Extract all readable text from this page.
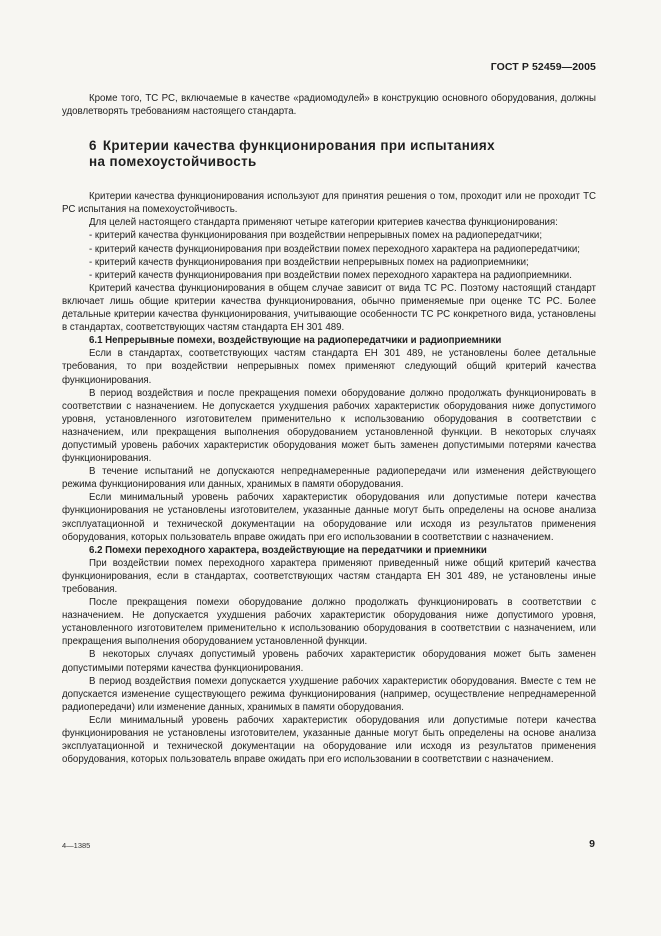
ГОСТ Р 52459—2005

Кроме того, ТС РС, включаемые в качестве «радиомодулей» в конструкцию основного оборудования, должны удовлетворять требованиям настоящего стандарта.

6 Критерии качества функционирования при испытаниях
на помехоустойчивость

Критерии качества функционирования используют для принятия решения о том, проходит или не проходит ТС РС испытания на помехоустойчивость.

Для целей настоящего стандарта применяют четыре категории критериев качества функционирования:

- критерий качества функционирования при воздействии непрерывных помех на радиопередатчики;

- критерий качеств функционирования при воздействии помех переходного характера на радиопередатчики;

- критерий качеств функционирования при воздействии непрерывных помех на радиоприемники;

- критерий качеств функционирования при воздействии помех переходного характера на радиоприемники.

Критерий качества функционирования в общем случае зависит от вида ТС РС. Поэтому настоящий стандарт включает лишь общие критерии качества функционирования, обычно применяемые при оценке ТС РС. Более детальные критерии качества функционирования, учитывающие особенности ТС РС конкретного вида, установлены в стандартах, соответствующих частям стандарта ЕН 301 489.

6.1 Непрерывные помехи, воздействующие на радиопередатчики и радиоприемники

Если в стандартах, соответствующих частям стандарта ЕН 301 489, не установлены более детальные требования, то при воздействии непрерывных помех применяют следующий общий критерий качества функционирования.

В период воздействия и после прекращения помехи оборудование должно продолжать функционировать в соответствии с назначением. Не допускается ухудшения рабочих характеристик оборудования ниже допустимого уровня, установленного изготовителем применительно к использованию оборудования в соответствии с назначением, или прекращения выполнения оборудованием установленной функции. В некоторых случаях допустимый уровень рабочих характеристик оборудования может быть заменен допустимыми потерями качества функционирования.

В течение испытаний не допускаются непреднамеренные радиопередачи или изменения действующего режима функционирования или данных, хранимых в памяти оборудования.

Если минимальный уровень рабочих характеристик оборудования или допустимые потери качества функционирования не установлены изготовителем, указанные данные могут быть определены на основе анализа эксплуатационной и технической документации на оборудование или исходя из результатов применения оборудования, которых пользователь вправе ожидать при его использовании в соответствии с назначением.

6.2 Помехи переходного характера, воздействующие на передатчики и приемники

При воздействии помех переходного характера применяют приведенный ниже общий критерий качества функционирования, если в стандартах, соответствующих частям стандарта ЕН 301 489, не установлены иные требования.

После прекращения помехи оборудование должно продолжать функционировать в соответствии с назначением. Не допускается ухудшения рабочих характеристик оборудования ниже допустимого уровня, установленного изготовителем применительно к использованию оборудования в соответствии с назначением, или прекращения выполнения оборудованием установленной функции.

В некоторых случаях допустимый уровень рабочих характеристик оборудования может быть заменен допустимыми потерями качества функционирования.

В период воздействия помехи допускается ухудшение рабочих характеристик оборудования. Вместе с тем не допускается изменение существующего режима функционирования (например, осуществление непреднамеренной радиопередачи) или изменение данных, хранимых в памяти оборудования.

Если минимальный уровень рабочих характеристик оборудования или допустимые потери качества функционирования не установлены изготовителем, указанные данные могут быть определены на основе анализа эксплуатационной и технической документации на оборудование или исходя из результатов применения оборудования, которых пользователь вправе ожидать при его использовании в соответствии с назначением.

4—1385	9
